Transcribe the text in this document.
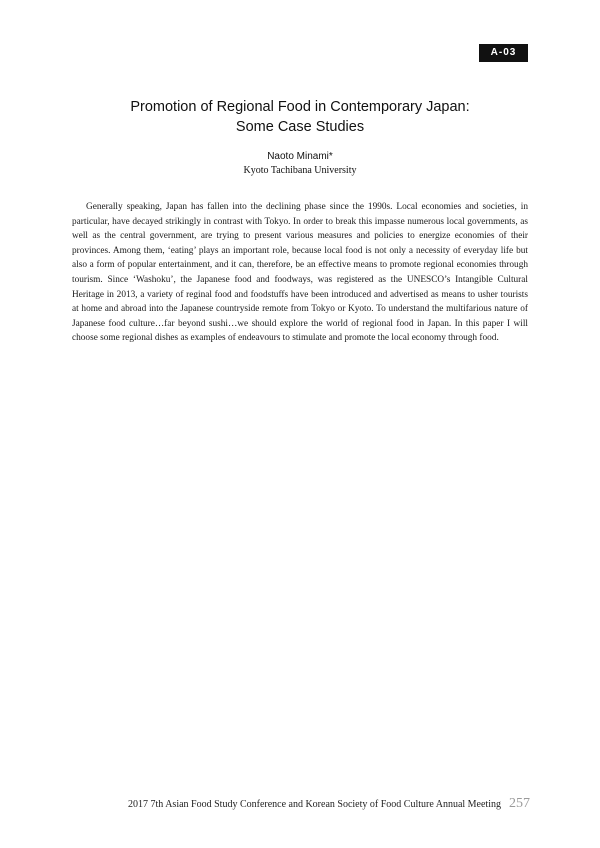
A-03
Promotion of Regional Food in Contemporary Japan:
Some Case Studies
Naoto Minami*
Kyoto Tachibana University

Generally speaking, Japan has fallen into the declining phase since the 1990s. Local economies and societies, in particular, have decayed strikingly in contrast with Tokyo. In order to break this impasse numerous local governments, as well as the central government, are trying to present various measures and policies to energize economies of their provinces. Among them, ‘eating’ plays an important role, because local food is not only a necessity of everyday life but also a form of popular entertainment, and it can, therefore, be an effective means to promote regional economies through tourism. Since ‘Washoku’, the Japanese food and foodways, was registered as the UNESCO’s Intangible Cultural Heritage in 2013, a variety of reginal food and foodstuffs have been introduced and advertised as means to usher tourists at home and abroad into the Japanese countryside remote from Tokyo or Kyoto. To understand the multifarious nature of Japanese food culture…far beyond sushi…we should explore the world of regional food in Japan. In this paper I will choose some regional dishes as examples of endeavours to stimulate and promote the local economy through food.

2017 7th Asian Food Study Conference and Korean Society of Food Culture Annual Meeting 257
